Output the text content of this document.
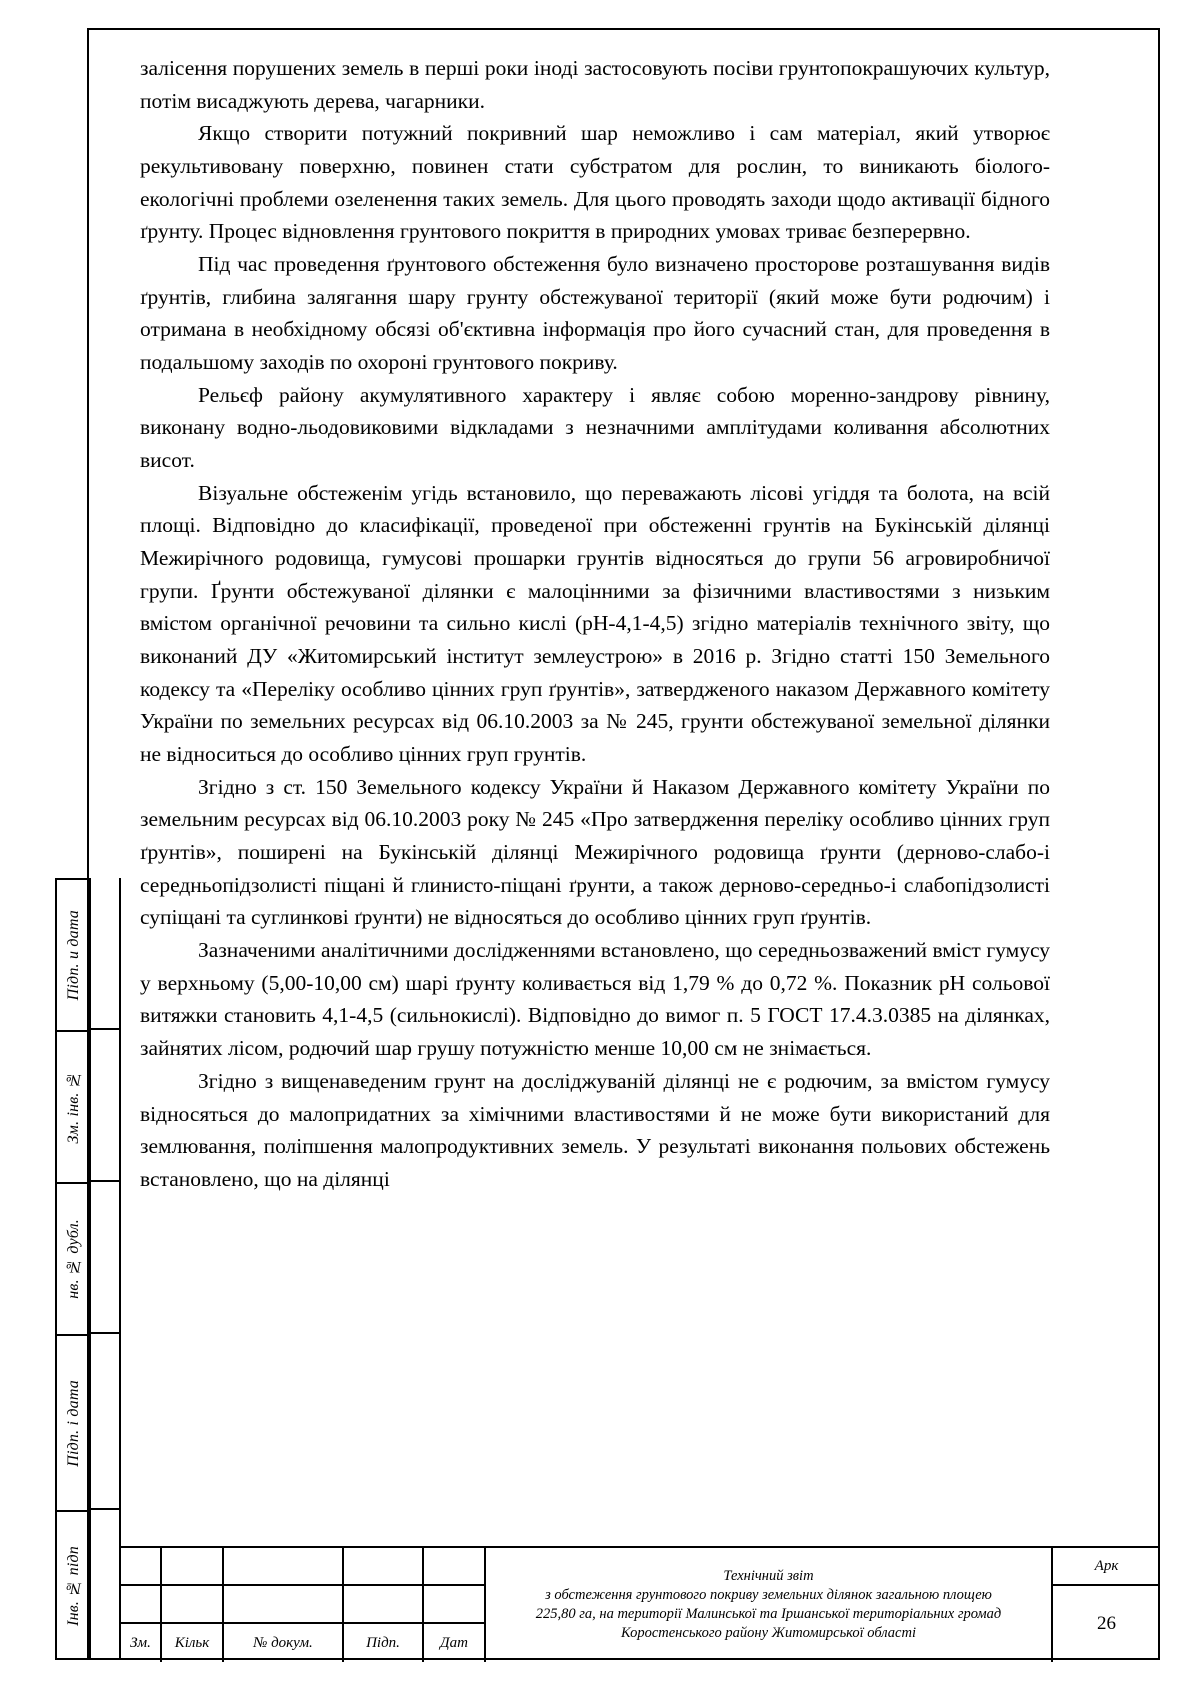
залісення порушених земель в перші роки іноді застосовують посіви грунтопокрашуючих культур, потім висаджують дерева, чагарники.

Якщо створити потужний покривний шар неможливо і сам матеріал, який утворює рекультивовану поверхню, повинен стати субстратом для рослин, то виникають біолого- екологічні проблеми озеленення таких земель. Для цього проводять заходи щодо активації бідного ґрунту. Процес відновлення грунтового покриття в природних умовах триває безперервно.

Під час проведення ґрунтового обстеження було визначено просторове розташування видів ґрунтів, глибина залягання шару грунту обстежуваної території (який може бути родючим) і отримана в необхідному обсязі об'єктивна інформація про його сучасний стан, для проведення в подальшому заходів по охороні грунтового покриву.

Рельєф району акумулятивного характеру і являє собою моренно-зандрову рівнину, виконану водно-льодовиковими відкладами з незначними амплітудами коливання абсолютних висот.

Візуальне обстеженім угідь встановило, що переважають лісові угіддя та болота, на всій площі. Відповідно до класифікації, проведеної при обстеженні грунтів на Букінській ділянці Межирічного родовища, гумусові прошарки грунтів відносяться до групи 56 агровиробничої групи. Ґрунти обстежуваної ділянки є малоцінними за фізичними властивостями з низьким вмістом органічної речовини та сильно кислі (рН-4,1-4,5) згідно матеріалів технічного звіту, що виконаний ДУ «Житомирський інститут землеустрою» в 2016 р. Згідно статті 150 Земельного кодексу та «Переліку особливо цінних груп ґрунтів», затвердженого наказом Державного комітету України по земельних ресурсах від 06.10.2003 за № 245, грунти обстежуваної земельної ділянки не відноситься до особливо цінних груп грунтів.

Згідно з ст. 150 Земельного кодексу України й Наказом Державного комітету України по земельним ресурсах від 06.10.2003 року № 245 «Про затвердження переліку особливо цінних груп ґрунтів», поширені на Букінській ділянці Межирічного родовища ґрунти (дерново-слабо-і середньопідзолисті піщані й глинисто-піщані ґрунти, а також дерново-середньо-і слабопідзолисті супіщані та суглинкові ґрунти) не відносяться до особливо цінних груп ґрунтів.

Зазначеними аналітичними дослідженнями встановлено, що середньозважений вміст гумусу у верхньому (5,00-10,00 см) шарі ґрунту коливається від 1,79 % до 0,72 %. Показник рН сольової витяжки становить 4,1-4,5 (сильнокислі). Відповідно до вимог п. 5 ГОСТ 17.4.3.0385 на ділянках, зайнятих лісом, родючий шар грушу потужністю менше 10,00 см не знімається.

Згідно з вищенаведеним грунт на досліджуваній ділянці не є родючим, за вмістом гумусу відносяться до малопридатних за хімічними властивостями й не може бути використаний для землювання, поліпшення малопродуктивних земель. У результаті виконання польових обстежень встановлено, що на ділянці

Підп. и дата
Зм. інв. №
нв. № дубл.
Підп. і дата
Інв. № підп
Зм.	Кільк	№ докум.	Підп.	Дат
Технічний звіт
з обстеження грунтового покриву земельних ділянок загальною площею
225,80 га, на території Малинської та Іршанської територіальних громад
Коростенського району Житомирської області
Арк
26
